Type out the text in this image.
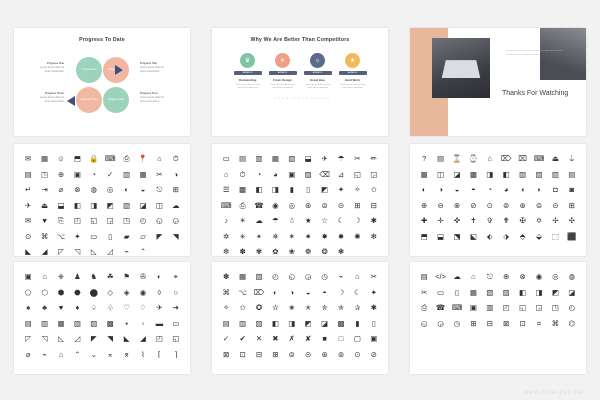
Progress To Date
Progress One	Progress Two
Progress Three	Progress Four
Progress One
Lorem ipsum dolor sit amet consectetur
Progress Two
Lorem ipsum dolor sit amet consectetur
Progress Three
Lorem ipsum dolor sit amet consectetur
Progress Four
Lorem ipsum dolor sit amet consectetur
Why We Are Better Than Competitors
♛
AWARDS
Outstanding
Lorem ipsum dolor sit amet consectetur adipiscing
✕
AWARDS
Fresh Design
Lorem ipsum dolor sit amet consectetur adipiscing
☼
AWARDS
Great Idea
Lorem ipsum dolor sit amet consectetur adipiscing
★
AWARDS
Hard Work
Lorem ipsum dolor sit amet consectetur adipiscing
L O R E M I P S U M D O L O R
Lorem ipsum dolor sit amet, consectetur adipiscing elit sed do eiusmod tempor incididunt ut labore.
Thanks For Watching
✉	▦	☺	⬒	🔒 ⌨	⎙	📍	⌂	⏱
▤	◳	⊕	▣	◔	✓	▥	▦	✂	◑
↵	⇥	⌀	⊗	◍	◎	◐	◒	⎋	⊞
✈	⏏	⬓	◧	◨	◩	▧	◪	◫	☁
✉	♥	⎘	◰	◱	◲	◳	◴	◵	◶
⊙	⌘	⌥	✦	▭	▯	▰	▱	◤	◥
◣	◢	◸	◹	◺	◿	⌁	⌃
▭	▤	▥	▦	▧	⬓	✈	☂	✂	✏
⌂	⏱	◔	◕	▣	▨	⌫	⊿	◱	◲
☰	▩	◧	◨	▮	▯	◩	✦	✧	✩
⌨	⎙	☎	◉	◎	⊛	⊜	⊝	⊞	⊟
♪	☀	☁	☂	☃	★	☆	☾	☽	✱
✲	✳	✴	✵	✶	✷	✸	✹	✺	✻
✼	✽	✾	✿	❀	❁	❂	❃
?	▤	⌛ ⌚	⌂	⌦ ⌧ ⌨ ⏏	⏚
▦	◫	◪	▩	◨	◧	▧	▨	▥	▤
◐	◑	◒	◓	◔	◕	◖	◗	◘	◙
⊕	⊖	⊗	⊘	⊙	⊚	⊛	⊜	⊝	⊞
✚	✛	✜	✝	✞	✟	✠	✡	✢	✣
⬒	⬓	⬔	⬕	⬖	⬗	⬘	⬙	⬚	⬛
▣	⌂	⎈	♟	♞	☘	⚑	✇	◐	⌖
⬠	⬡	⬢	⬣	⬤	◇	◈	◉	◊	○
♠	♣	♥	♦	♤	♧	♡	♢	✈	➔
▤	▥	▦	▧	▨	▩	▪	▫	▬	▭
◸	◹	◺	◿	◤	◥	◣	◢	◰	◱
⌀	⌁	⌂	⌃	⌄	⌅	⌆	⌇	⌈	⌉
✽	▦	▧	◴	◵	◶	◷	⌁	⌂	✂
⌘	⌥ ⌦	◐	◑	◒	◓	☽	☾	✦
✧	✩	✪	✫	✬	✭	✮	✯	✰	✱
▤	▥	▨	◧	◨	◩	◪	▩	▮	▯
✓	✔	✕	✖	✗	✘	■	□	▢	▣
⊠	⊡	⊟	⊞	⊜	⊝	⊛	⊚	⊙	⊘
▤ </> ☁	⌂	⎋	⊕	⊗	◉	◎	◍
✂	▭	▯	▦	▧	▨	◧	◨	◩	◪
⎙	☎ ⌨ ▣	▥	◰	◱	◲	◳	◴
◵	◶	◷	⊞	⊟	⊠	⊡	⌗	⌘	⌬
www.free-psd.net
